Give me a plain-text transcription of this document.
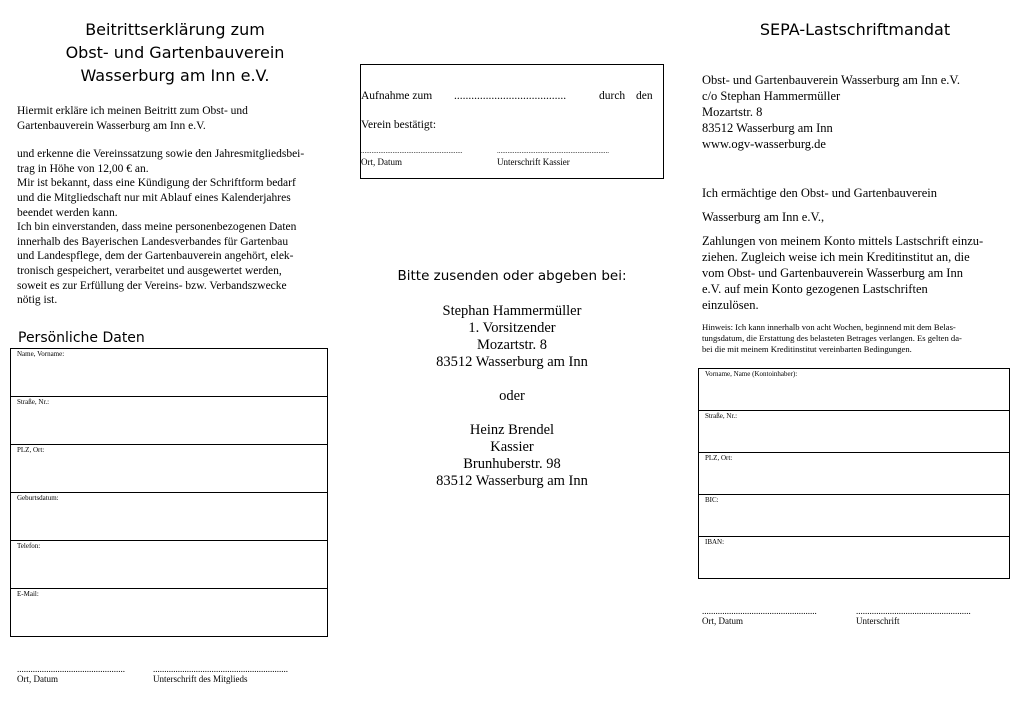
Beitrittserklärung zum
Obst- und Gartenbauverein
Wasserburg am Inn e.V.

Hiermit erkläre ich meinen Beitritt zum Obst- und

Gartenbauverein Wasserburg am Inn e.V.

und erkenne die Vereinssatzung sowie den Jahresmitgliedsbei-

trag in Höhe von 12,00 € an.

Mir ist bekannt, dass eine Kündigung der Schriftform bedarf

und die Mitgliedschaft nur mit Ablauf eines Kalenderjahres

beendet werden kann.

Ich bin einverstanden, dass meine personenbezogenen Daten

innerhalb des Bayerischen Landesverbandes für Gartenbau

und Landespflege, dem der Gartenbauverein angehört, elek-

tronisch gespeichert, verarbeitet und ausgewertet werden,

soweit es zur Erfüllung der Vereins- bzw. Verbandszwecke

nötig ist.

Persönliche Daten
Name, Vorname:
Straße, Nr.:
PLZ, Ort:
Geburtsdatum:
Telefon:
E-Mail:
................................................
Ort, Datum
............................................................
Unterschrift des Mitglieds
Aufnahme zum .......................................	durch den
Verein bestätigt:
..........................................................	................................................................
Ort, Datum	Unterschrift Kassier
Bitte zusenden oder abgeben bei:
Stephan Hammermüller
1. Vorsitzender
Mozartstr. 8
83512 Wasserburg am Inn
oder
Heinz Brendel
Kassier
Brunhuberstr. 98
83512 Wasserburg am Inn
SEPA-Lastschriftmandat
Obst- und Gartenbauverein Wasserburg am Inn e.V.
c/o Stephan Hammermüller
Mozartstr. 8
83512 Wasserburg am Inn
www.ogv-wasserburg.de

Ich ermächtige den Obst- und Gartenbauverein

Wasserburg am Inn e.V.,

Zahlungen von meinem Konto mittels Lastschrift einzu-
ziehen. Zugleich weise ich mein Kreditinstitut an, die
vom Obst- und Gartenbauverein Wasserburg am Inn
e.V. auf mein Konto gezogenen Lastschriften
einzulösen.
Hinweis: Ich kann innerhalb von acht Wochen, beginnend mit dem Belas-
tungsdatum, die Erstattung des belasteten Betrages verlangen. Es gelten da-
bei die mit meinem Kreditinstitut vereinbarten Bedingungen.
Vorname, Name (Kontoinhaber):
Straße, Nr.:
PLZ, Ort:
BIC:
IBAN:
...................................................
Ort, Datum
...................................................
Unterschrift
